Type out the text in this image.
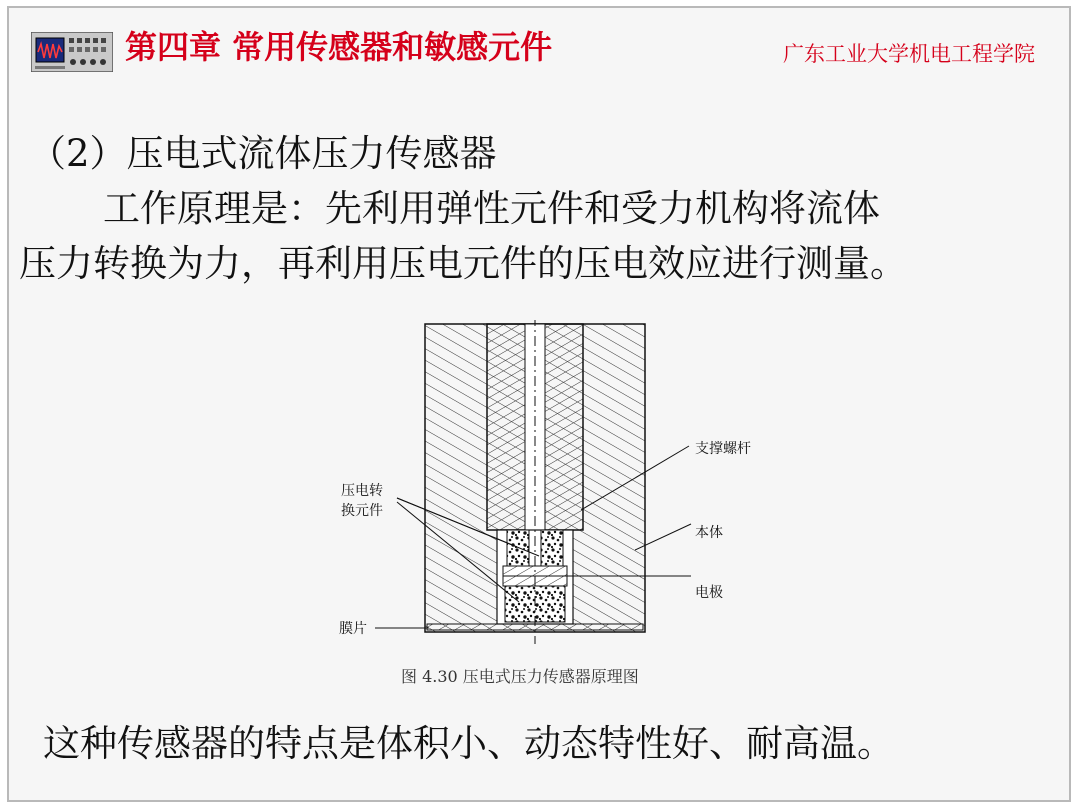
第四章 常用传感器和敏感元件	广东工业大学机电工程学院
（2）压电式流体压力传感器
　　工作原理是：先利用弹性元件和受力机构将流体
压力转换为力，再利用压电元件的压电效应进行测量。
压电转
换元件
支撑螺杆
本体
电极
膜片
图 4.30 压电式压力传感器原理图
这种传感器的特点是体积小、动态特性好、耐高温。
